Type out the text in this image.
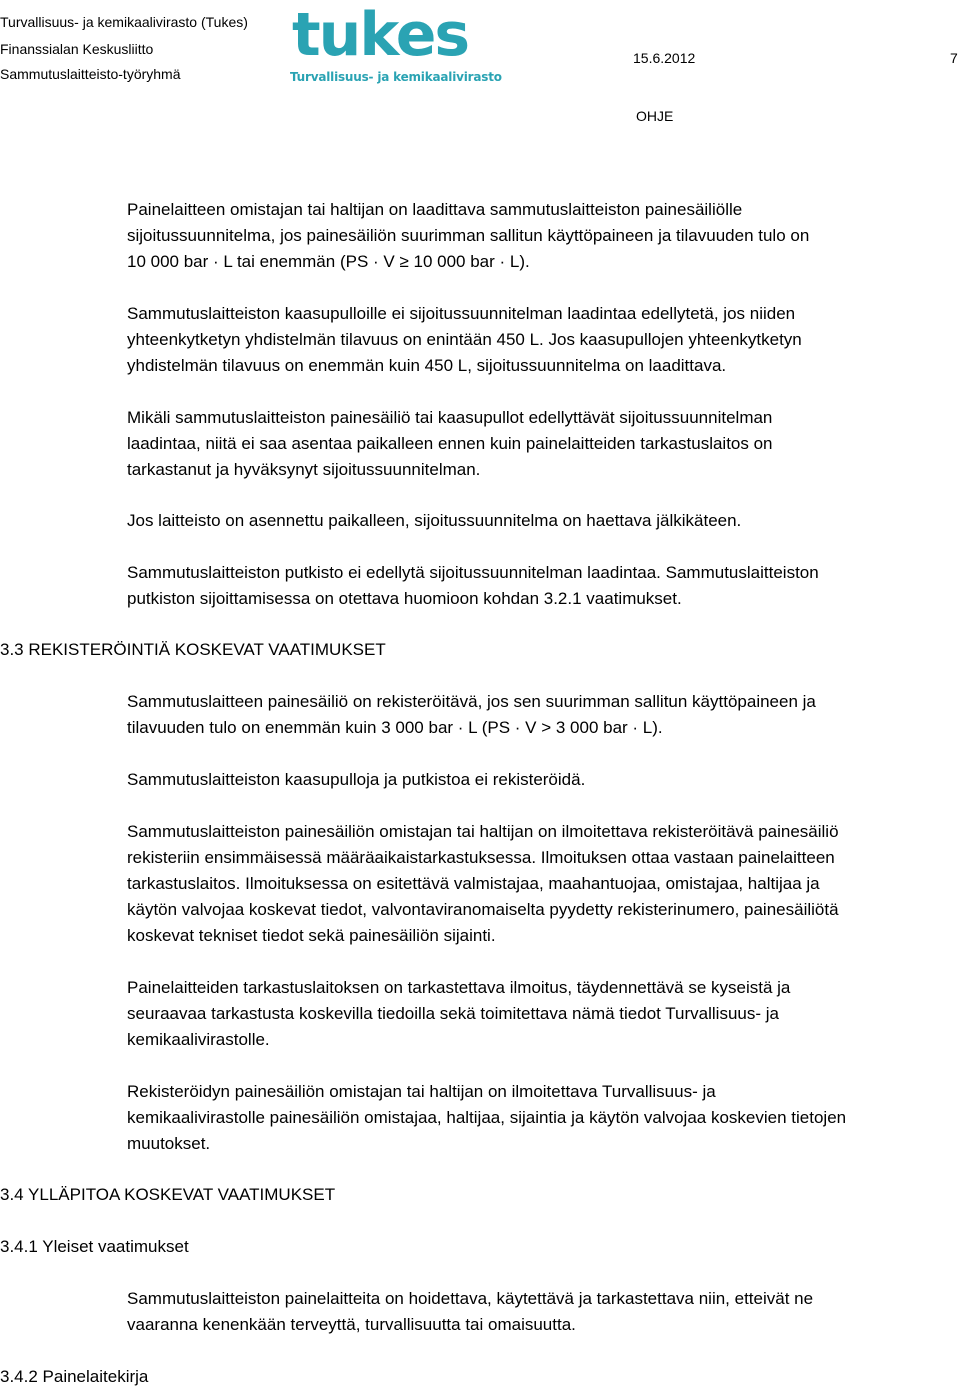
Turvallisuus- ja kemikaalivirasto (Tukes)
Finanssialan Keskusliitto
Sammutuslaitteisto-työryhmä
tukes
Turvallisuus- ja kemikaalivirasto
15.6.2012	7
OHJE
Painelaitteen omistajan tai haltijan on laadittava sammutuslaitteiston painesäiliölle
sijoitussuunnitelma, jos painesäiliön suurimman sallitun käyttöpaineen ja tilavuuden tulo on
10 000 bar · L tai enemmän (PS · V ≥ 10 000 bar · L).
Sammutuslaitteiston kaasupulloille ei sijoitussuunnitelman laadintaa edellytetä, jos niiden
yhteenkytketyn yhdistelmän tilavuus on enintään 450 L. Jos kaasupullojen yhteenkytketyn
yhdistelmän tilavuus on enemmän kuin 450 L, sijoitussuunnitelma on laadittava.
Mikäli sammutuslaitteiston painesäiliö tai kaasupullot edellyttävät sijoitussuunnitelman
laadintaa, niitä ei saa asentaa paikalleen ennen kuin painelaitteiden tarkastuslaitos on
tarkastanut ja hyväksynyt sijoitussuunnitelman.
Jos laitteisto on asennettu paikalleen, sijoitussuunnitelma on haettava jälkikäteen.
Sammutuslaitteiston putkisto ei edellytä sijoitussuunnitelman laadintaa. Sammutuslaitteiston
putkiston sijoittamisessa on otettava huomioon kohdan 3.2.1 vaatimukset.
3.3 REKISTERÖINTIÄ KOSKEVAT VAATIMUKSET
Sammutuslaitteen painesäiliö on rekisteröitävä, jos sen suurimman sallitun käyttöpaineen ja
tilavuuden tulo on enemmän kuin 3 000 bar · L (PS · V > 3 000 bar · L).
Sammutuslaitteiston kaasupulloja ja putkistoa ei rekisteröidä.
Sammutuslaitteiston painesäiliön omistajan tai haltijan on ilmoitettava rekisteröitävä painesäiliö
rekisteriin ensimmäisessä määräaikaistarkastuksessa. Ilmoituksen ottaa vastaan painelaitteen
tarkastuslaitos. Ilmoituksessa on esitettävä valmistajaa, maahantuojaa, omistajaa, haltijaa ja
käytön valvojaa koskevat tiedot, valvontaviranomaiselta pyydetty rekisterinumero, painesäiliötä
koskevat tekniset tiedot sekä painesäiliön sijainti.
Painelaitteiden tarkastuslaitoksen on tarkastettava ilmoitus, täydennettävä se kyseistä ja
seuraavaa tarkastusta koskevilla tiedoilla sekä toimitettava nämä tiedot Turvallisuus- ja
kemikaalivirastolle.
Rekisteröidyn painesäiliön omistajan tai haltijan on ilmoitettava Turvallisuus- ja
kemikaalivirastolle painesäiliön omistajaa, haltijaa, sijaintia ja käytön valvojaa koskevien tietojen
muutokset.
3.4 YLLÄPITOA KOSKEVAT VAATIMUKSET
3.4.1 Yleiset vaatimukset
Sammutuslaitteiston painelaitteita on hoidettava, käytettävä ja tarkastettava niin, etteivät ne
vaaranna kenenkään terveyttä, turvallisuutta tai omaisuutta.
3.4.2 Painelaitekirja
